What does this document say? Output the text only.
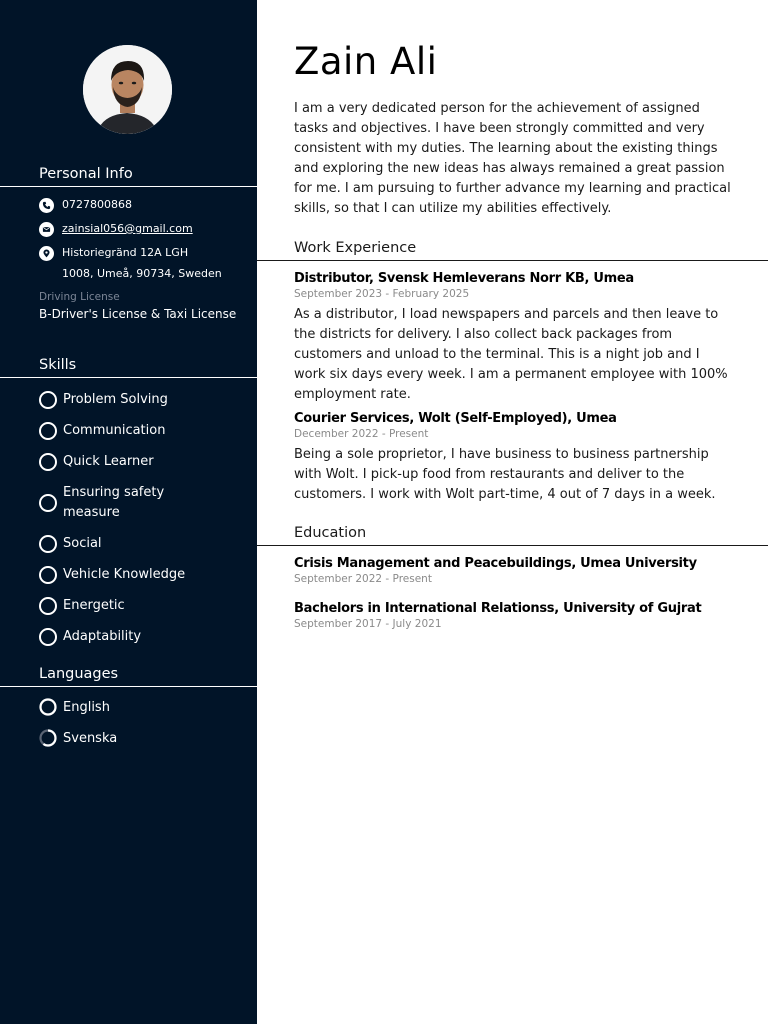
Personal Info
0727800868
zainsial056@gmail.com
Historiegränd 12A LGH
1008, Umeå, 90734, Sweden
Driving License
B-Driver's License & Taxi License
Skills
Problem Solving
Communication
Quick Learner
Ensuring safety measure
Social
Vehicle Knowledge
Energetic
Adaptability
Languages
English
Svenska
Zain Ali
I am a very dedicated person for the achievement of assigned tasks and objectives. I have been strongly committed and very consistent with my duties. The learning about the existing things and exploring the new ideas has always remained a great passion for me. I am pursuing to further advance my learning and practical skills, so that I can utilize my abilities effectively.
Work Experience
Distributor, Svensk Hemleverans Norr KB, Umea
September 2023 - February 2025
As a distributor, I load newspapers and parcels and then leave to the districts for delivery. I also collect back packages from customers and unload to the terminal. This is a night job and I work six days every week. I am a permanent employee with 100% employment rate.
Courier Services, Wolt (Self-Employed), Umea
December 2022 - Present
Being a sole proprietor, I have business to business partnership with Wolt. I pick-up food from restaurants and deliver to the customers. I work with Wolt part-time, 4 out of 7 days in a week.
Education
Crisis Management and Peacebuildings, Umea University
September 2022 - Present
Bachelors in International Relationss, University of Gujrat
September 2017 - July 2021
